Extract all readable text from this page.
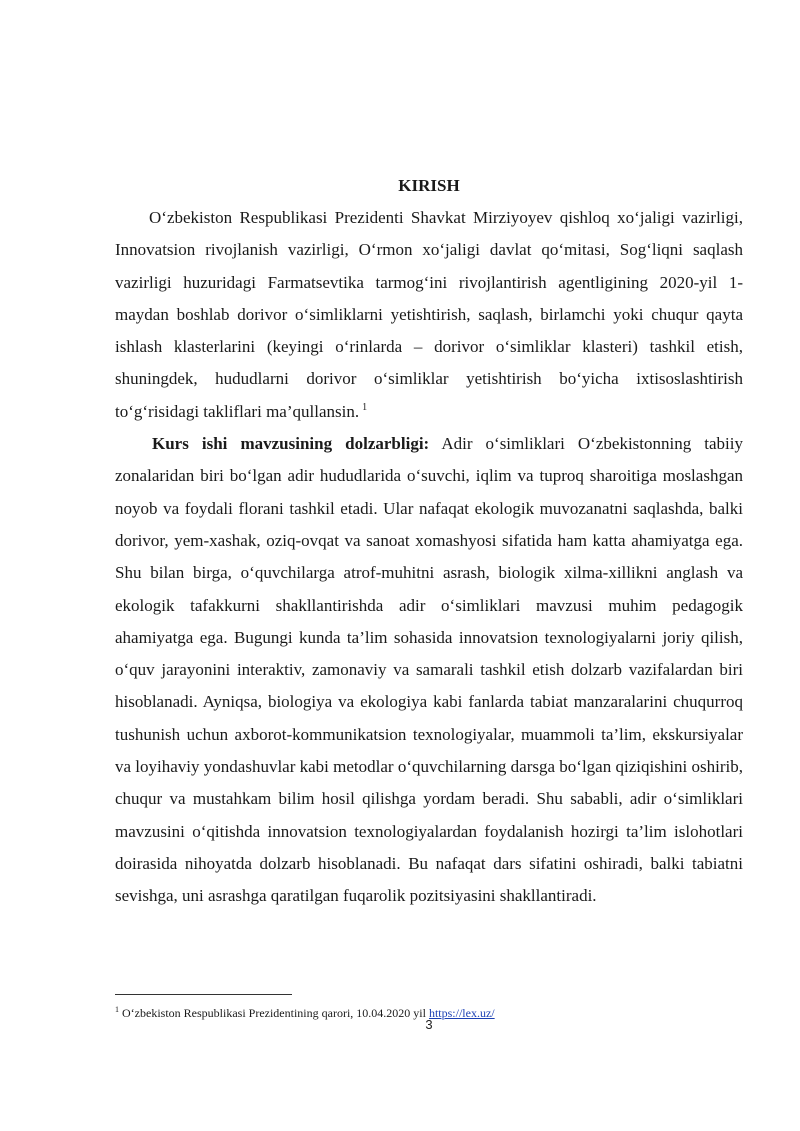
KIRISH

O‘zbekiston Respublikasi Prezidenti Shavkat Mirziyoyev qishloq xo‘jaligi vazirligi, Innovatsion rivojlanish vazirligi, O‘rmon xo‘jaligi davlat qo‘mitasi, Sog‘liqni saqlash vazirligi huzuridagi Farmatsevtika tarmog‘ini rivojlantirish agentligining 2020-yil 1-maydan boshlab dorivor o‘simliklarni yetishtirish, saqlash, birlamchi yoki chuqur qayta ishlash klasterlarini (keyingi o‘rinlarda – dorivor o‘simliklar klasteri) tashkil etish, shuningdek, hududlarni dorivor o‘simliklar yetishtirish bo‘yicha ixtisoslashtirish to‘g‘risidagi takliflari ma’qullansin. $^1$

Kurs ishi mavzusining dolzarbligi: Adir o‘simliklari O‘zbekistonning tabiiy zonalaridan biri bo‘lgan adir hududlarida o‘suvchi, iqlim va tuproq sharoitiga moslashgan noyob va foydali florani tashkil etadi. Ular nafaqat ekologik muvozanatni saqlashda, balki dorivor, yem-xashak, oziq-ovqat va sanoat xomashyosi sifatida ham katta ahamiyatga ega. Shu bilan birga, o‘quvchilarga atrof-muhitni asrash, biologik xilma-xillikni anglash va ekologik tafakkurni shakllantirishda adir o‘simliklari mavzusi muhim pedagogik ahamiyatga ega. Bugungi kunda ta’lim sohasida innovatsion texnologiyalarni joriy qilish, o‘quv jarayonini interaktiv, zamonaviy va samarali tashkil etish dolzarb vazifalardan biri hisoblanadi. Ayniqsa, biologiya va ekologiya kabi fanlarda tabiat manzaralarini chuqurroq tushunish uchun axborot-kommunikatsion texnologiyalar, muammoli ta’lim, ekskursiyalar va loyihaviy yondashuvlar kabi metodlar o‘quvchilarning darsga bo‘lgan qiziqishini oshirib, chuqur va mustahkam bilim hosil qilishga yordam beradi. Shu sababli, adir o‘simliklari mavzusini o‘qitishda innovatsion texnologiyalardan foydalanish hozirgi ta’lim islohotlari doirasida nihoyatda dolzarb hisoblanadi. Bu nafaqat dars sifatini oshiradi, balki tabiatni sevishga, uni asrashga qaratilgan fuqarolik pozitsiyasini shakllantiradi.

$^1$ O‘zbekiston Respublikasi Prezidentining qarori, 10.04.2020 yil https://lex.uz/
3
